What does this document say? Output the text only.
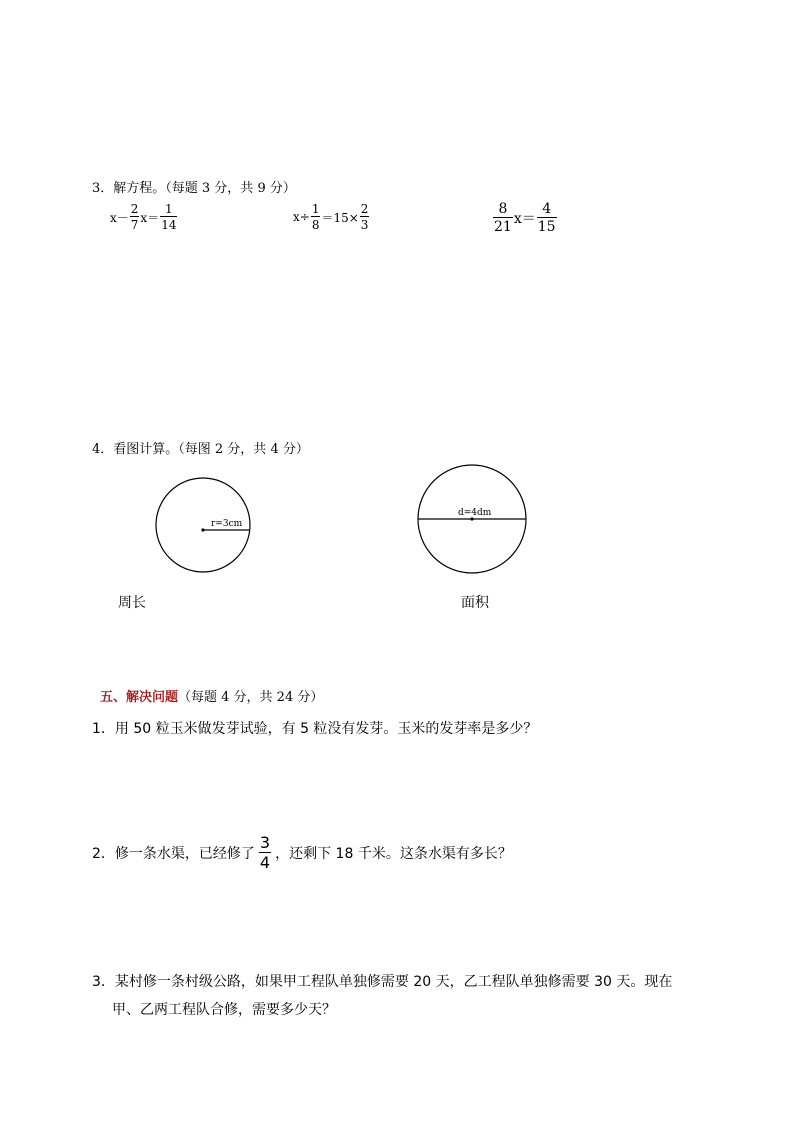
3．解方程。（每题 3 分，共 9 分）
$x- \frac{2}{7} x= \frac{1}{14}$	$x\div \frac{1}{8} =15\times \frac{2}{3}$	$\frac{8}{21} x= \frac{4}{15}$
4．看图计算。（每图 2 分，共 4 分）
r=3cm
周长
d=4dm
面积
五、解决问题（每题 4 分，共 24 分）
1．用 50 粒玉米做发芽试验，有 5 粒没有发芽。玉米的发芽率是多少？
2．修一条水渠，已经修了 $\frac{3}{4}$ ，还剩下 18 千米。这条水渠有多长？
3．某村修一条村级公路，如果甲工程队单独修需要 20 天，乙工程队单独修需要 30 天。现在
甲、乙两工程队合修，需要多少天？
